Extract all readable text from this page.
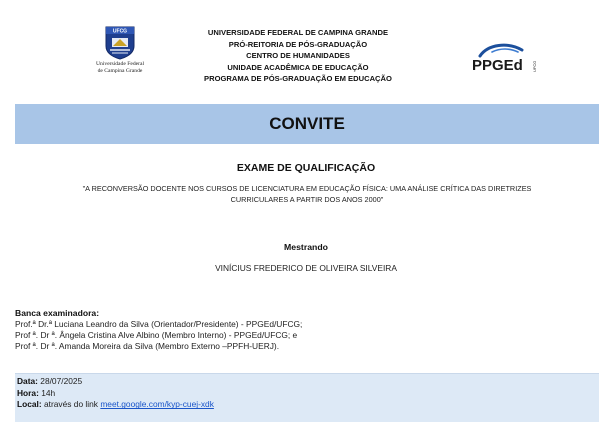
UFCG
Universidade Federal
de Campina Grande
UNIVERSIDADE FEDERAL DE CAMPINA GRANDE
PRÓ-REITORIA DE PÓS-GRADUAÇÃO
CENTRO DE HUMANIDADES
UNIDADE ACADÊMICA DE EDUCAÇÃO
PROGRAMA DE PÓS-GRADUAÇÃO EM EDUCAÇÃO
PPGEd UFCG
CONVITE
EXAME DE QUALIFICAÇÃO
"A RECONVERSÃO DOCENTE NOS CURSOS DE LICENCIATURA EM EDUCAÇÃO FÍSICA: UMA ANÁLISE CRÍTICA DAS DIRETRIZES
CURRICULARES A PARTIR DOS ANOS 2000"
Mestrando
VINÍCIUS FREDERICO DE OLIVEIRA SILVEIRA
Banca examinadora:
Prof.ª Dr.ª Luciana Leandro da Silva (Orientador/Presidente) - PPGEd/UFCG;
Prof ª. Dr ª. Ângela Cristina Alve Albino (Membro Interno) - PPGEd/UFCG; e
Prof ª. Dr ª. Amanda Moreira da Silva (Membro Externo –PPFH-UERJ).
Data: 28/07/2025
Hora: 14h
Local: através do link meet.google.com/kyp-cuej-xdk
